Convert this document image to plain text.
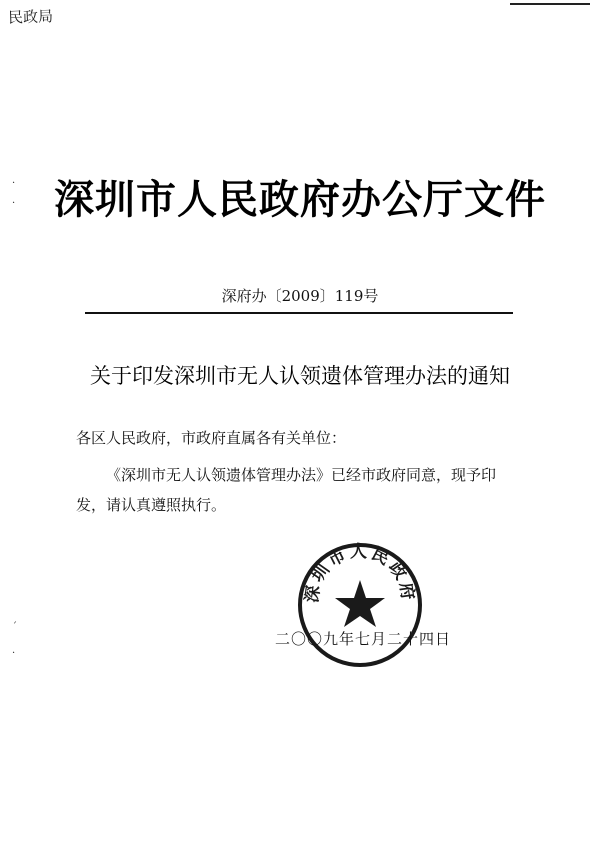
民政局
·
·
ˊ
·
深圳市人民政府办公厅文件
深府办〔2009〕119号
关于印发深圳市无人认领遗体管理办法的通知
各区人民政府，市政府直属各有关单位：
《深圳市无人认领遗体管理办法》已经市政府同意，现予印发，请认真遵照执行。
深圳市人民政府
二〇〇九年七月二十四日
